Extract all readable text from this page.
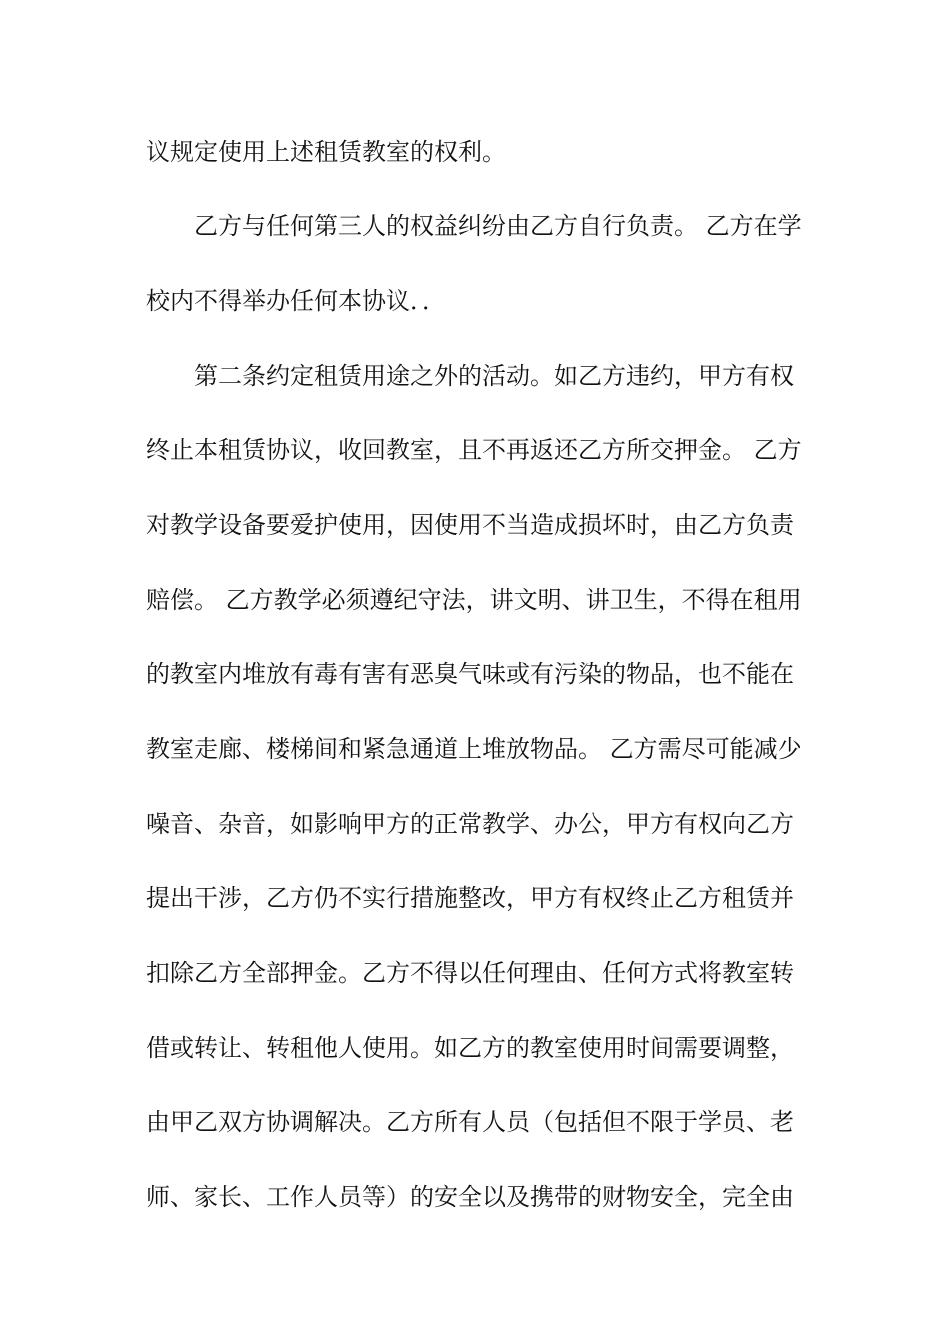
议规定使用上述租赁教室的权利。
乙方与任何第三人的权益纠纷由乙方自行负责。 乙方在学
校内不得举办任何本协议．．
第二条约定租赁用途之外的活动。如乙方违约，甲方有权
终止本租赁协议，收回教室，且不再返还乙方所交押金。 乙方
对教学设备要爱护使用，因使用不当造成损坏时，由乙方负责
赔偿。 乙方教学必须遵纪守法，讲文明、讲卫生，不得在租用
的教室内堆放有毒有害有恶臭气味或有污染的物品，也不能在
教室走廊、楼梯间和紧急通道上堆放物品。 乙方需尽可能减少
噪音、杂音，如影响甲方的正常教学、办公，甲方有权向乙方
提出干涉，乙方仍不实行措施整改，甲方有权终止乙方租赁并
扣除乙方全部押金。乙方不得以任何理由、任何方式将教室转
借或转让、转租他人使用。如乙方的教室使用时间需要调整，
由甲乙双方协调解决。乙方所有人员（包括但不限于学员、老
师、家长、工作人员等）的安全以及携带的财物安全，完全由
